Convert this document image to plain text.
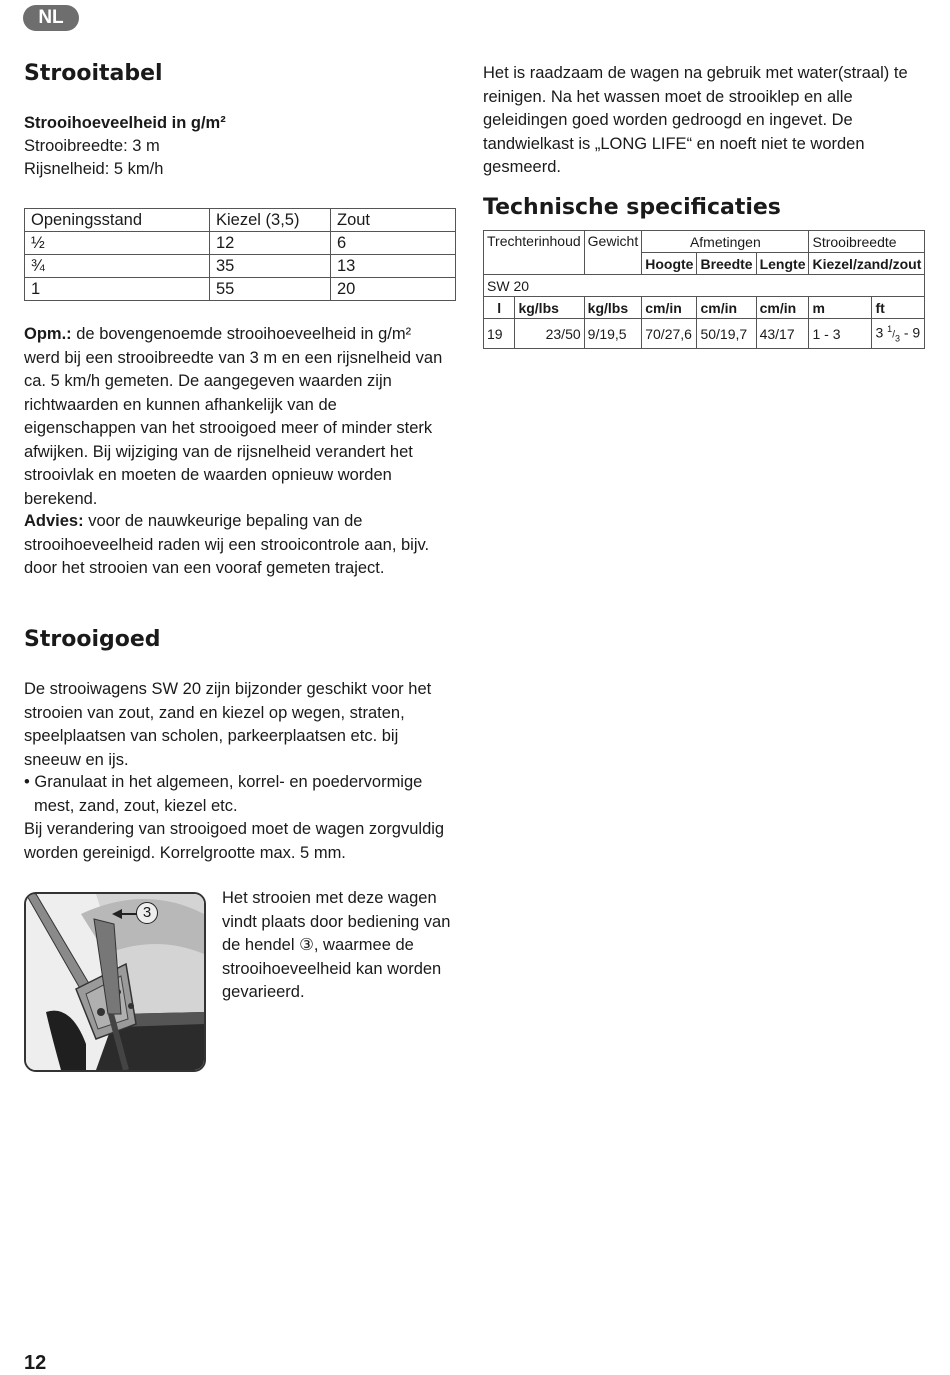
NL
Strooitabel

Strooihoeveelheid in g/m²

Strooibreedte: 3 m

Rijsnelheid: 5 km/h

Openingsstand	Kiezel (3,5)	Zout
½	12	6
¾	35	13
1	55	20

Opm.: de bovengenoemde strooihoeveelheid in g/m² werd bij een strooibreedte van 3 m en een rijsnelheid van ca. 5 km/h gemeten. De aangegeven waarden zijn richtwaarden en kunnen afhankelijk van de eigenschappen van het strooigoed meer of minder sterk afwijken. Bij wijziging van de rijsnelheid verandert het strooivlak en moeten de waarden opnieuw worden berekend.

Advies: voor de nauwkeurige bepaling van de strooihoeveelheid raden wij een strooicontrole aan, bijv. door het strooien van een vooraf gemeten traject.

Strooigoed

De strooiwagens SW 20 zijn bijzonder geschikt voor het strooien van zout, zand en kiezel op wegen, straten, speelplaatsen van scholen, parkeerplaatsen etc. bij sneeuw en ijs.

• Granulaat in het algemeen, korrel- en poedervormige mest, zand, zout, kiezel etc.

Bij verandering van strooigoed moet de wagen zorgvuldig worden gereinigd. Korrelgrootte max. 5 mm.

3

Het strooien met deze wagen vindt plaats door bediening van de hendel ③, waarmee de strooihoeveelheid kan worden gevarieerd.

Het is raadzaam de wagen na gebruik met water(straal) te reinigen. Na het wassen moet de strooiklep en alle geleidingen goed worden gedroogd en ingevet. De tandwielkast is „LONG LIFE“ en noeft niet te worden gesmeerd.

Technische specificaties
Trechterinhoud		Gewicht	Afmetingen			Strooibreedte	
			Hoogte	Breedte	Lengte	Kiezel/zand/zout	
SW 20							
l	kg/lbs	kg/lbs	cm/in	cm/in	cm/in	m	ft
19	23/50	9/19,5	70/27,6	50/19,7	43/17	1 - 3	3 $^1/_3 - 9$
12
